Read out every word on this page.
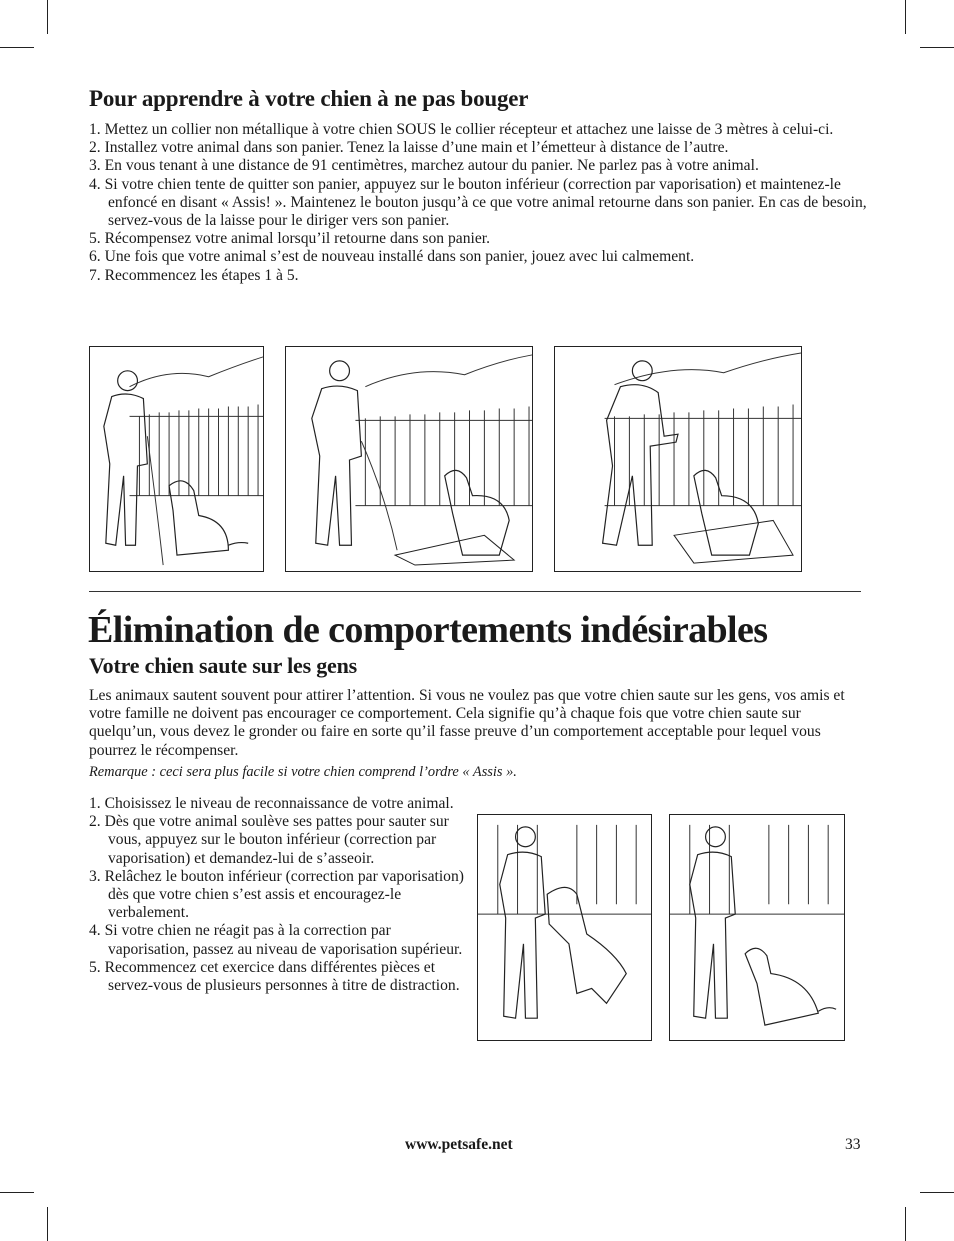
Pour apprendre à votre chien à ne pas bouger
1. Mettez un collier non métallique à votre chien SOUS le collier récepteur et attachez une laisse de 3 mètres à celui-ci.
2. Installez votre animal dans son panier. Tenez la laisse d’une main et l’émetteur à distance de l’autre.
3. En vous tenant à une distance de 91 centimètres, marchez autour du panier. Ne parlez pas à votre animal.
4. Si votre chien tente de quitter son panier, appuyez sur le bouton inférieur (correction par vaporisation) et maintenez-le enfoncé en disant « Assis! ». Maintenez le bouton jusqu’à ce que votre animal retourne dans son panier. En cas de besoin, servez-vous de la laisse pour le diriger vers son panier.
5. Récompensez votre animal lorsqu’il retourne dans son panier.
6. Une fois que votre animal s’est de nouveau installé dans son panier, jouez avec lui calmement.
7. Recommencez les étapes 1 à 5.
Élimination de comportements indésirables
Votre chien saute sur les gens

Les animaux sautent souvent pour attirer l’attention. Si vous ne voulez pas que votre chien saute sur les gens, vos amis et votre famille ne doivent pas encourager ce comportement. Cela signifie qu’à chaque fois que votre chien saute sur quelqu’un, vous devez le gronder ou faire en sorte qu’il fasse preuve d’un comportement acceptable pour lequel vous pourrez le récompenser.

Remarque : ceci sera plus facile si votre chien comprend l’ordre « Assis ».

1. Choisissez le niveau de reconnaissance de votre animal.
2. Dès que votre animal soulève ses pattes pour sauter sur vous, appuyez sur le bouton inférieur (correction par vaporisation) et demandez-lui de s’asseoir.
3. Relâchez le bouton inférieur (correction par vaporisation) dès que votre chien s’est assis et encouragez-le verbalement.
4. Si votre chien ne réagit pas à la correction par vaporisation, passez au niveau de vaporisation supérieur.
5. Recommencez cet exercice dans différentes pièces et servez-vous de plusieurs personnes à titre de distraction.
www.petsafe.net	33
